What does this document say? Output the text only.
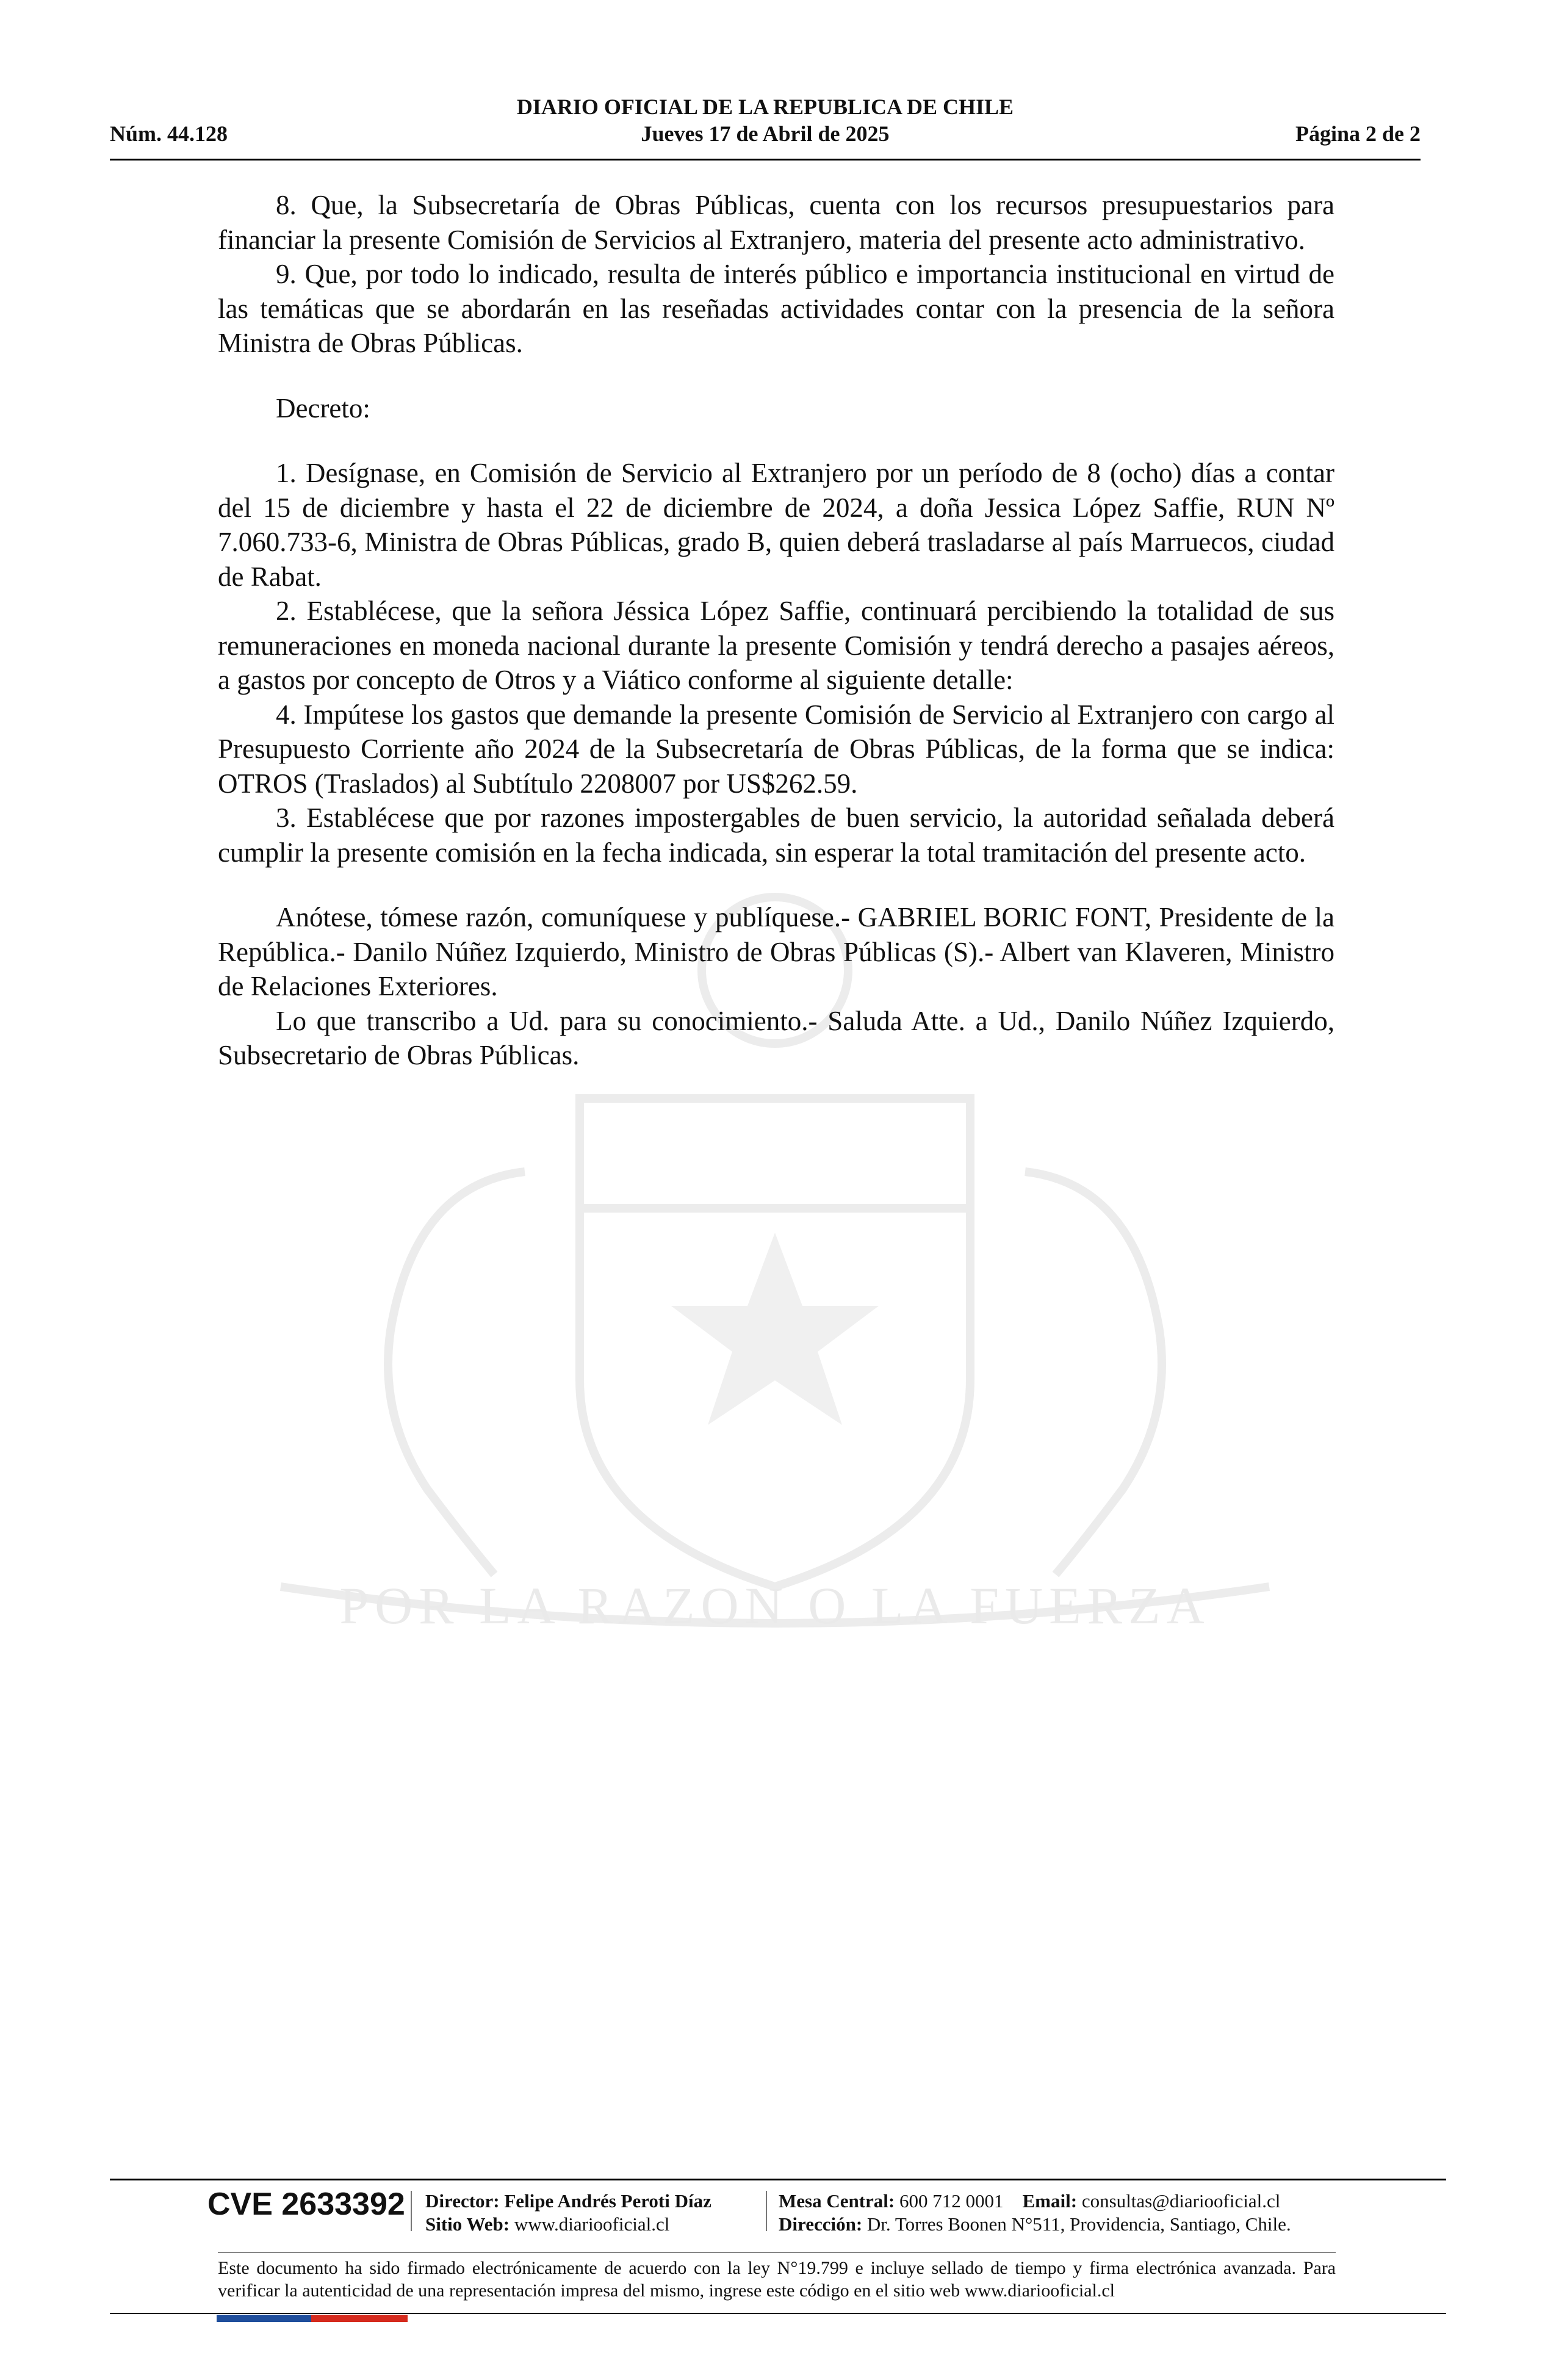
DIARIO OFICIAL DE LA REPUBLICA DE CHILE
Núm. 44.128	Jueves 17 de Abril de 2025	Página 2 de 2
POR LA RAZON O LA FUERZA

8. Que, la Subsecretaría de Obras Públicas, cuenta con los recursos presupuestarios para financiar la presente Comisión de Servicios al Extranjero, materia del presente acto administrativo.

9. Que, por todo lo indicado, resulta de interés público e importancia institucional en virtud de las temáticas que se abordarán en las reseñadas actividades contar con la presencia de la señora Ministra de Obras Públicas.

Decreto:

1. Desígnase, en Comisión de Servicio al Extranjero por un período de 8 (ocho) días a contar del 15 de diciembre y hasta el 22 de diciembre de 2024, a doña Jessica López Saffie, RUN Nº 7.060.733-6, Ministra de Obras Públicas, grado B, quien deberá trasladarse al país Marruecos, ciudad de Rabat.

2. Establécese, que la señora Jéssica López Saffie, continuará percibiendo la totalidad de sus remuneraciones en moneda nacional durante la presente Comisión y tendrá derecho a pasajes aéreos, a gastos por concepto de Otros y a Viático conforme al siguiente detalle:

4. Impútese los gastos que demande la presente Comisión de Servicio al Extranjero con cargo al Presupuesto Corriente año 2024 de la Subsecretaría de Obras Públicas, de la forma que se indica: OTROS (Traslados) al Subtítulo 2208007 por US$262.59.

3. Establécese que por razones impostergables de buen servicio, la autoridad señalada deberá cumplir la presente comisión en la fecha indicada, sin esperar la total tramitación del presente acto.

Anótese, tómese razón, comuníquese y publíquese.- GABRIEL BORIC FONT, Presidente de la República.- Danilo Núñez Izquierdo, Ministro de Obras Públicas (S).- Albert van Klaveren, Ministro de Relaciones Exteriores.

Lo que transcribo a Ud. para su conocimiento.- Saluda Atte. a Ud., Danilo Núñez Izquierdo, Subsecretario de Obras Públicas.

CVE 2633392 Director: Felipe Andrés Peroti Díaz
Sitio Web: www.diariooficial.cl
Mesa Central: 600 712 0001 Email: consultas@diariooficial.cl
Dirección: Dr. Torres Boonen N°511, Providencia, Santiago, Chile.
Este documento ha sido firmado electrónicamente de acuerdo con la ley N°19.799 e incluye sellado de tiempo y firma electrónica avanzada. Para verificar la autenticidad de una representación impresa del mismo, ingrese este código en el sitio web www.diariooficial.cl
